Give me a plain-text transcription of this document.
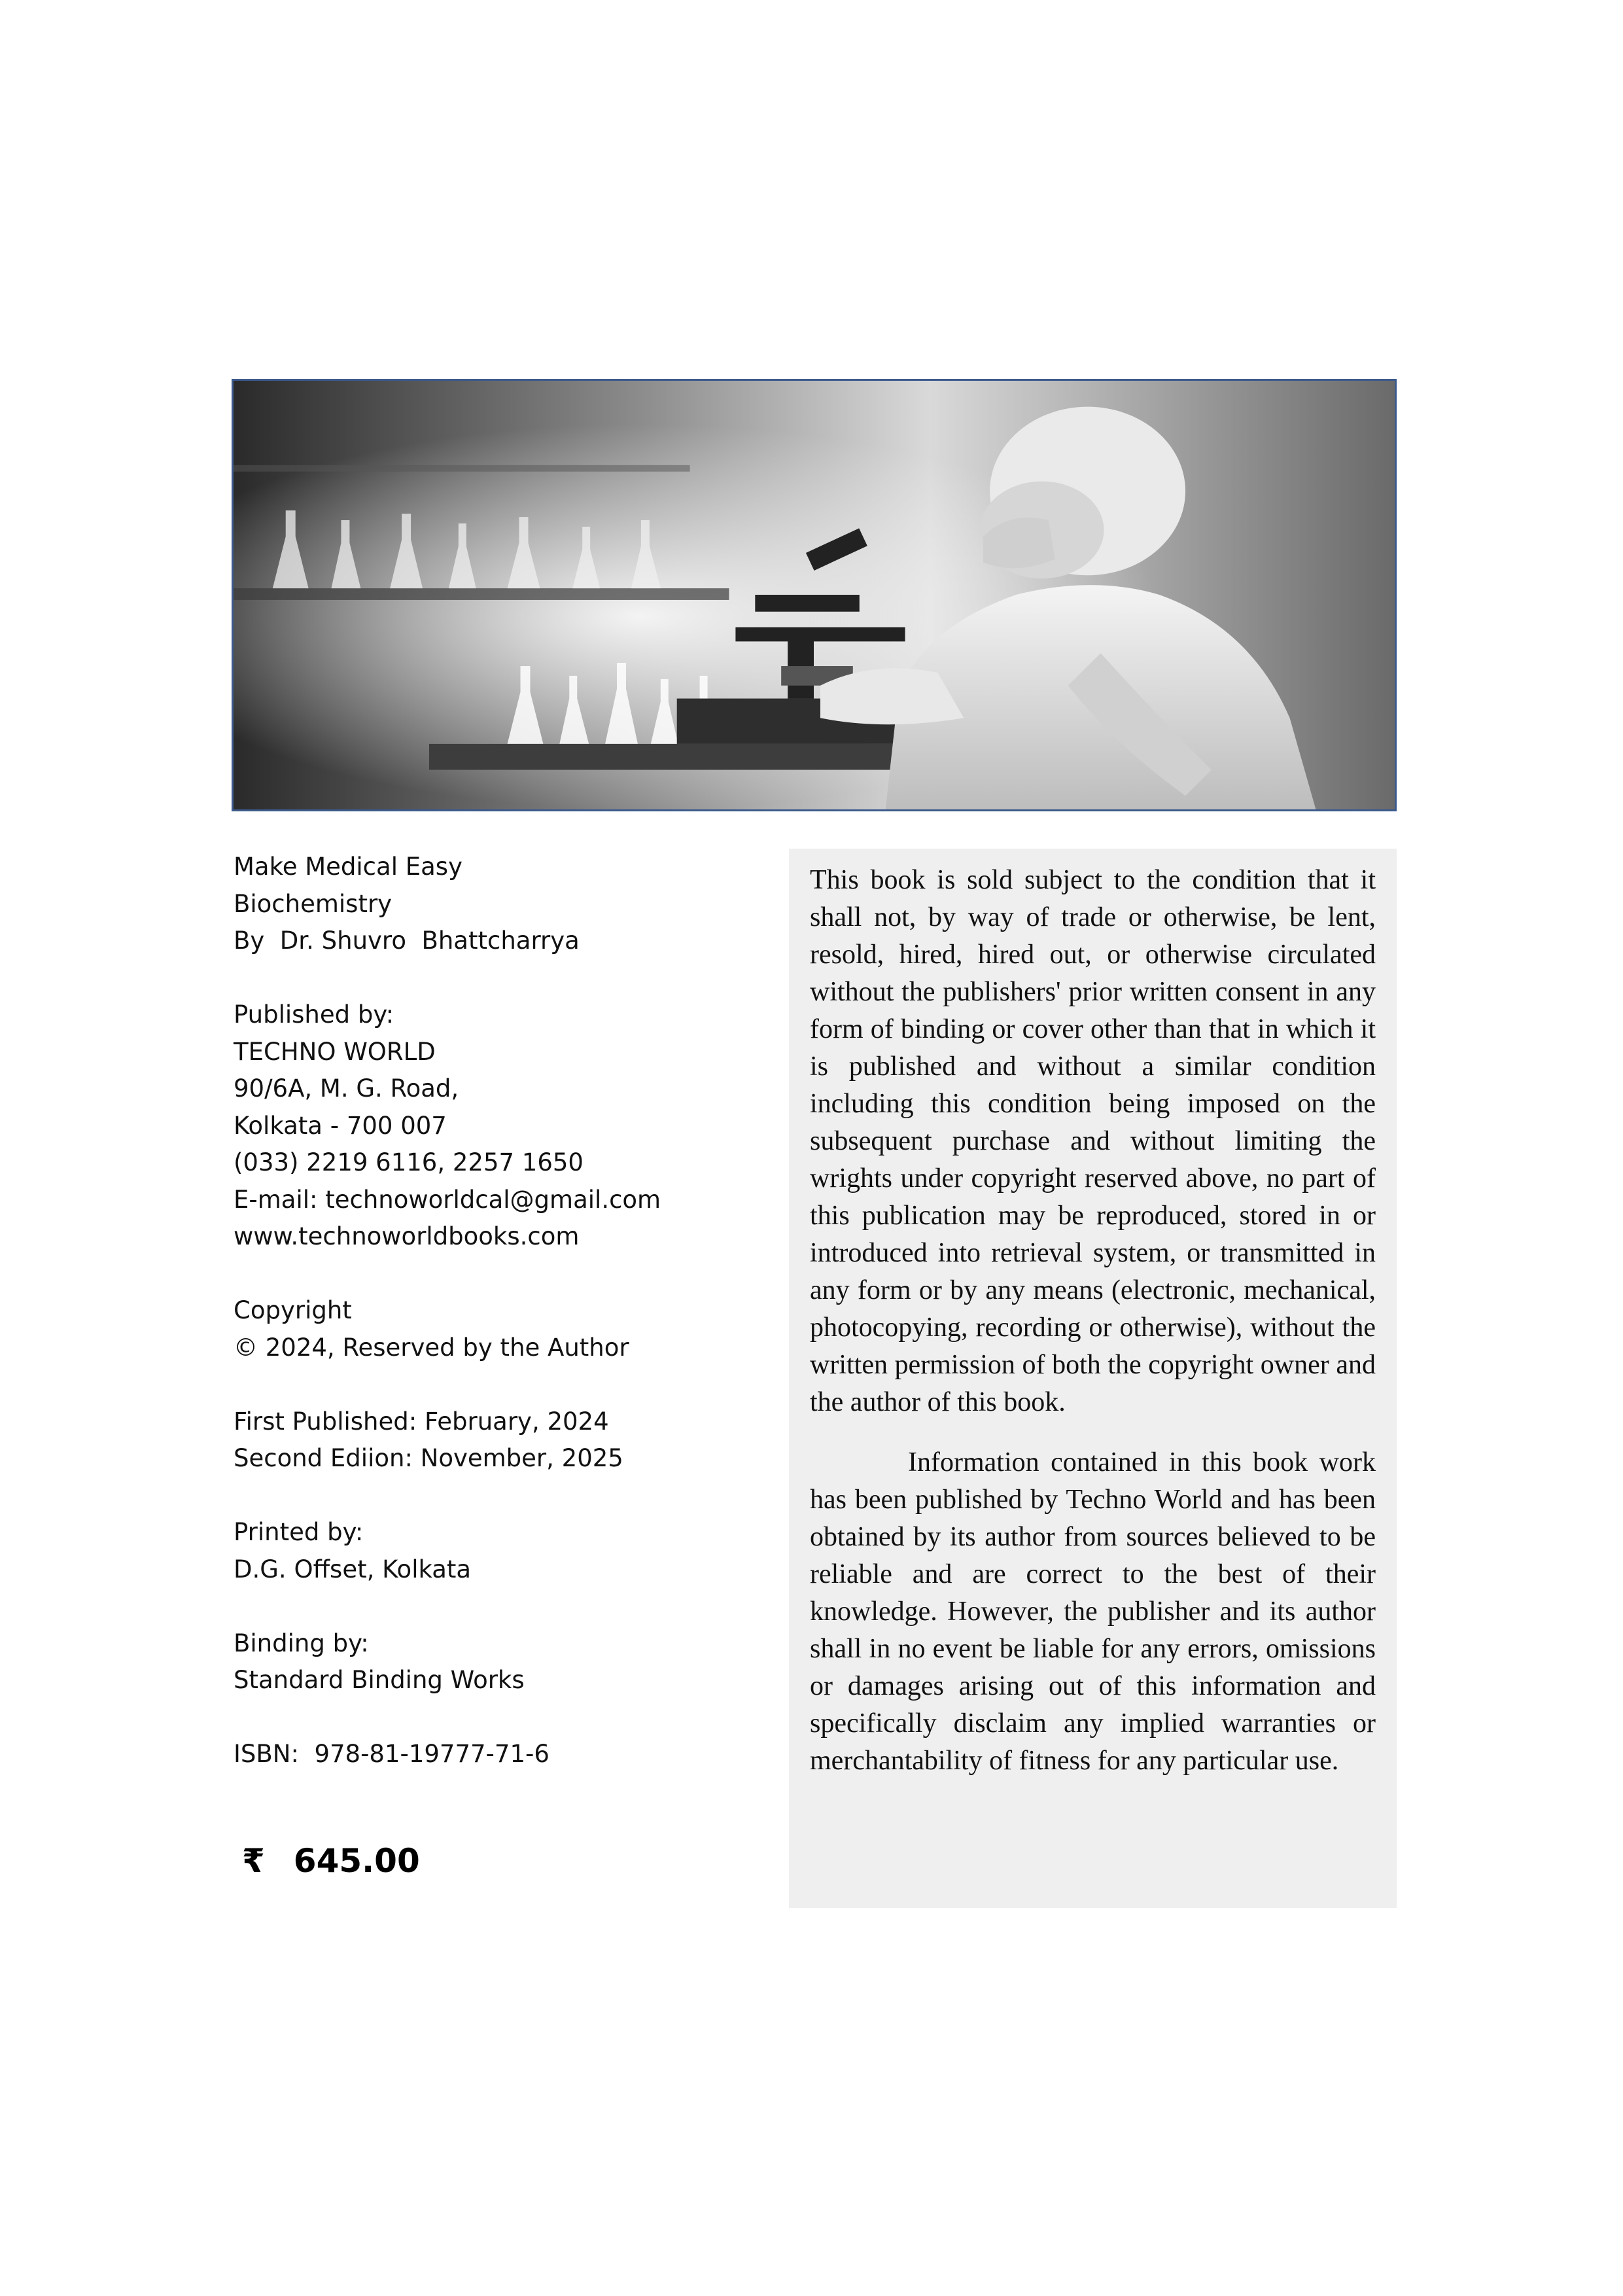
Make Medical Easy
Biochemistry
By  Dr. Shuvro  Bhattcharrya
Published by:
TECHNO WORLD
90/6A, M. G. Road,
Kolkata - 700 007
(033) 2219 6116, 2257 1650
E-mail: technoworldcal@gmail.com
www.technoworldbooks.com
Copyright
© 2024, Reserved by the Author
First Published: February, 2024
Second Ediion: November, 2025
Printed by:
D.G. Offset, Kolkata
Binding by:
Standard Binding Works
ISBN:  978-81-19777-71-6
₹ 645.00

This book is sold subject to the condition that it shall not, by way of trade or otherwise, be lent, resold, hired, hired out, or otherwise circulated without the publishers' prior written consent in any form of binding or cover other than that in which it is published and without a similar condition including this condition being imposed on the subsequent purchase and without limiting the wrights under copyright reserved above, no part of this publication may be reproduced, stored in or introduced into retrieval system, or transmitted in any form or by any means (electronic, mechanical, photocopying, recording or otherwise), without the written permission of both the copyright owner and the author of this book.

Information contained in this book work has been published by Techno World and has been obtained by its author from sources believed to be reliable and are correct to the best of their knowledge. However, the publisher and its author shall in no event be liable for any errors, omissions or damages arising out of this information and specifically disclaim any implied warranties or merchantability of fitness for any particular use.
